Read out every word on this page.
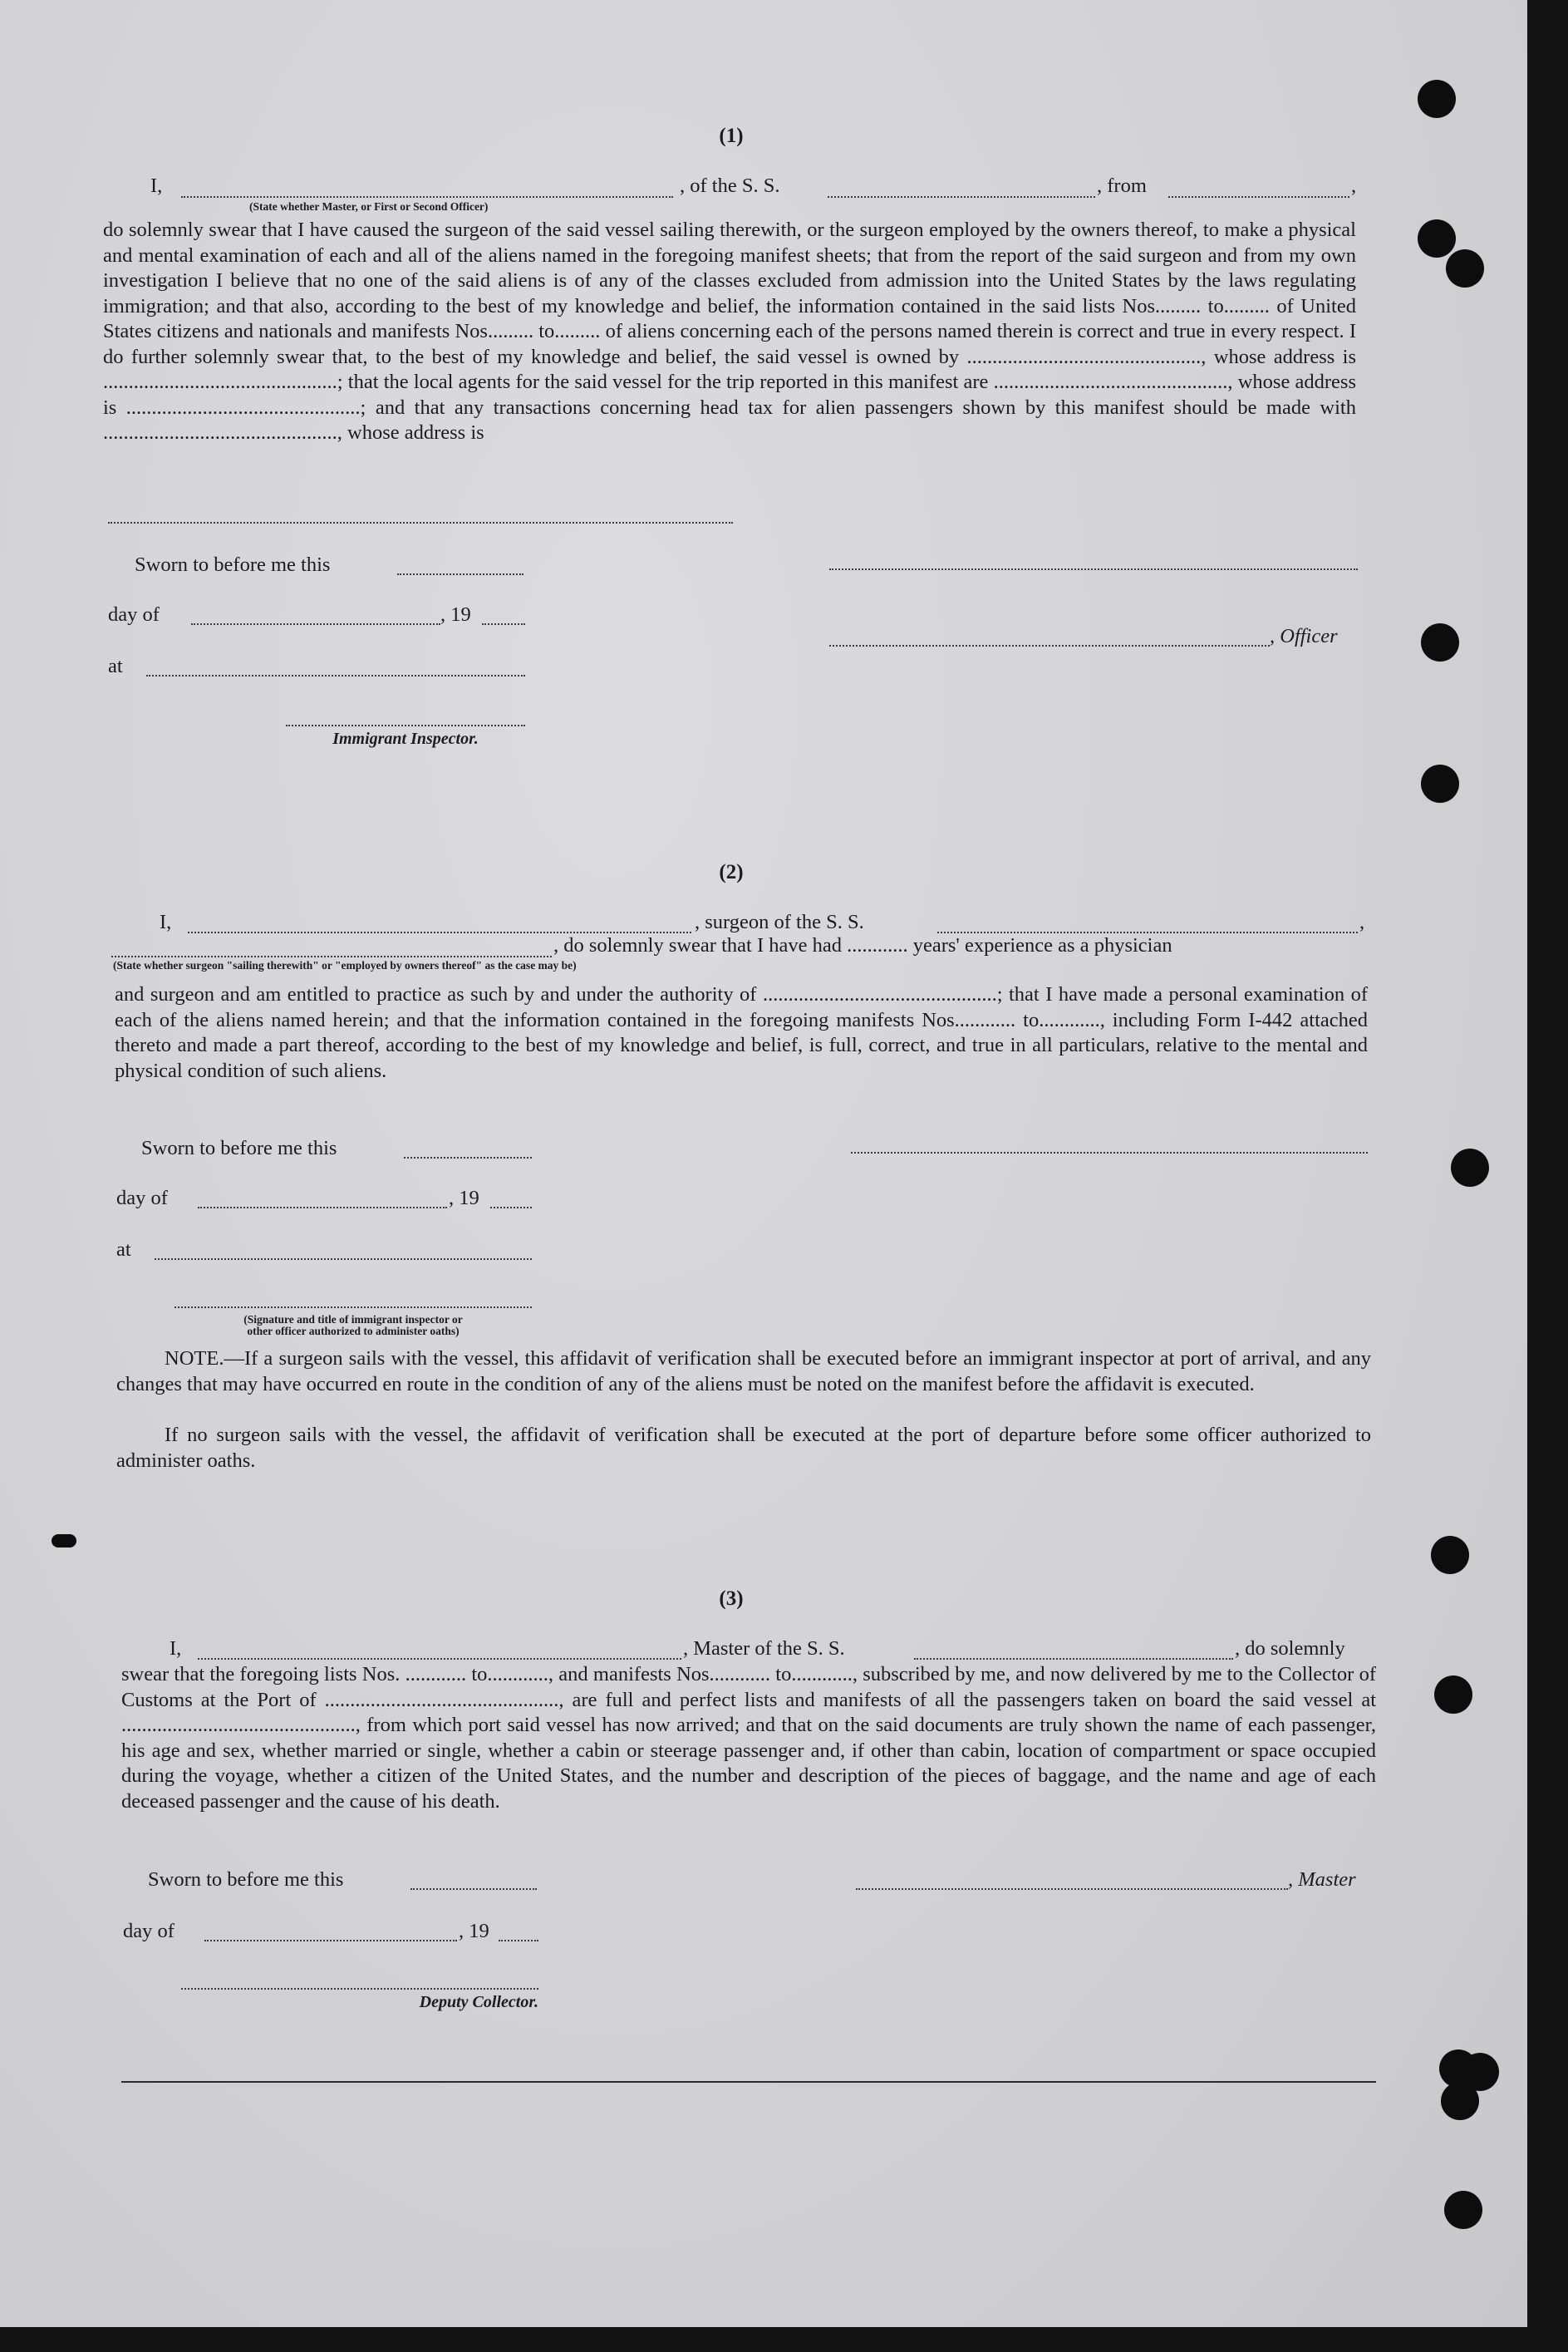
(1)
I,
(State whether Master, or First or Second Officer)
, of the S. S.	, from	,

do solemnly swear that I have caused the surgeon of the said vessel sailing therewith, or the surgeon employed by the owners thereof, to make a physical and mental examination of each and all of the aliens named in the foregoing manifest sheets; that from the report of the said surgeon and from my own investigation I believe that no one of the said aliens is of any of the classes excluded from admission into the United States by the laws regulating immigration; and that also, according to the best of my knowledge and belief, the information contained in the said lists Nos......... to......... of United States citizens and nationals and manifests Nos......... to......... of aliens concerning each of the persons named therein is correct and true in every respect. I do further solemnly swear that, to the best of my knowledge and belief, the said vessel is owned by .............................................., whose address is ..............................................; that the local agents for the said vessel for the trip reported in this manifest are .............................................., whose address is ..............................................; and that any transactions concerning head tax for alien passengers shown by this manifest should be made with .............................................., whose address is

Sworn to before me this
day of	, 19
, Officer
at
Immigrant Inspector.
(2)
I,	, surgeon of the S. S.	,
, do solemnly swear that I have had ............ years' experience as a physician
(State whether surgeon "sailing therewith" or "employed by owners thereof" as the case may be)

and surgeon and am entitled to practice as such by and under the authority of ..............................................; that I have made a personal examination of each of the aliens named herein; and that the information contained in the foregoing manifests Nos............ to............, including Form I-442 attached thereto and made a part thereof, according to the best of my knowledge and belief, is full, correct, and true in all particulars, relative to the mental and physical condition of such aliens.

Sworn to before me this
day of	, 19
at
(Signature and title of immigrant inspector or
other officer authorized to administer oaths)

NOTE.—If a surgeon sails with the vessel, this affidavit of verification shall be executed before an immigrant inspector at port of arrival, and any changes that may have occurred en route in the condition of any of the aliens must be noted on the manifest before the affidavit is executed.

If no surgeon sails with the vessel, the affidavit of verification shall be executed at the port of departure before some officer authorized to administer oaths.

(3)
I,	, Master of the S. S.	, do solemnly

swear that the foregoing lists Nos. ............ to............, and manifests Nos............ to............, subscribed by me, and now delivered by me to the Collector of Customs at the Port of .............................................., are full and perfect lists and manifests of all the passengers taken on board the said vessel at .............................................., from which port said vessel has now arrived; and that on the said documents are truly shown the name of each passenger, his age and sex, whether married or single, whether a cabin or steerage passenger and, if other than cabin, location of compartment or space occupied during the voyage, whether a citizen of the United States, and the number and description of the pieces of baggage, and the name and age of each deceased passenger and the cause of his death.

Sworn to before me this	, Master
day of	, 19
Deputy Collector.
